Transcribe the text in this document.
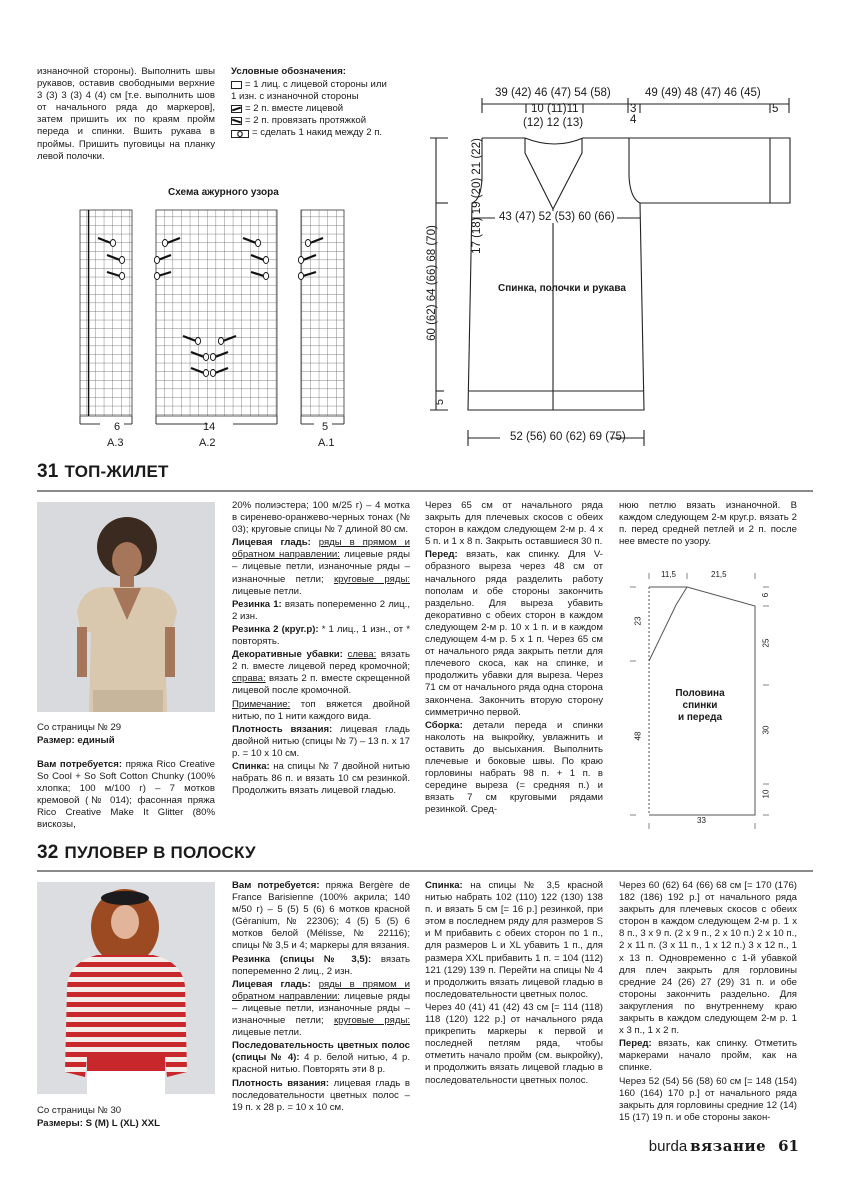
изнаночной стороны). Выполнить швы рукавов, оставив свободными верхние 3 (3) 3 (3) 4 (4) см [т.е. выполнить шов от начального ряда до маркеров], затем пришить их по краям пройм переда и спинки. Вшить рукава в проймы. Пришить пуговицы на планку левой полочки.

Условные обозначения:
= 1 лиц. с лицевой стороны или
1 изн. с изнаночной стороны
= 2 п. вместе лицевой
= 2 п. провязать протяжкой
O = сделать 1 накид между 2 п.
Схема ажурного узора
6	14	5
A.3	A.2	A.1
39 (42) 46 (47) 54 (58)	49 (49) 48 (47) 46 (45)
10 (11)11
(12) 12 (13)
3
4
5
17 (18) 19 (20) 21 (22) 43 (47) 52 (53) 60 (66)
Спинка, полочки и рукава
60 (62) 64 (66) 68 (70)
5
52 (56) 60 (62) 69 (75)
31 ТОП-ЖИЛЕТ
Со страницы № 29
Размер: единый

Вам потребуется: пряжа Rico Creative So Cool + So Soft Cotton Chunky (100% хлопка; 100 м/100 г) – 7 мотков кремовой (№ 014); фасонная пряжа Rico Creative Make It Glitter (80% вискозы,

20% полиэстера; 100 м/25 г) – 4 мотка в сиренево-оранжево-черных тонах (№ 03); круговые спицы № 7 длиной 80 см.

Лицевая гладь: ряды в прямом и обратном направлении: лицевые ряды – лицевые петли, изнаночные ряды – изнаночные петли; круговые ряды: лицевые петли.

Резинка 1: вязать попеременно 2 лиц., 2 изн.

Резинка 2 (круг.р): * 1 лиц., 1 изн., от * повторять.

Декоративные убавки: слева: вязать 2 п. вместе лицевой перед кромочной; справа: вязать 2 п. вместе скрещенной лицевой после кромочной.

Примечание: топ вяжется двойной нитью, по 1 нити каждого вида.

Плотность вязания: лицевая гладь двойной нитью (спицы № 7) – 13 п. х 17 р. = 10 х 10 см.

Спинка: на спицы № 7 двойной нитью набрать 86 п. и вязать 10 см резинкой. Продолжить вязать лицевой гладью.

Через 65 см от начального ряда закрыть для плечевых скосов с обеих сторон в каждом следующем 2-м р. 4 х 5 п. и 1 х 8 п. Закрыть оставшиеся 30 п.

Перед: вязать, как спинку. Для V-образного выреза через 48 см от начального ряда разделить работу пополам и обе стороны закончить раздельно. Для выреза убавить декоративно с обеих сторон в каждом следующем 2-м р. 10 х 1 п. и в каждом следующем 4-м р. 5 х 1 п. Через 65 см от начального ряда закрыть петли для плечевого скоса, как на спинке, и продолжить убавки для выреза. Через 71 см от начального ряда одна сторона закончена. Закончить вторую сторону симметрично первой.

Сборка: детали переда и спинки наколоть на выкройку, увлажнить и оставить до высыхания. Выполнить плечевые и боковые швы. По краю горловины набрать 98 п. + 1 п. в середине выреза (= средняя п.) и вязать 7 см круговыми рядами резинкой. Сред-

нюю петлю вязать изнаночной. В каждом следующем 2-м круг.р. вязать 2 п. перед средней петлей и 2 п. после нее вместе по узору.

11,5	21,5
23
48
6
25
30
10
33
Половина спинки
и переда
32 ПУЛОВЕР В ПОЛОСКУ
Со страницы № 30
Размеры: S (M) L (XL) XXL

Вам потребуется: пряжа Bergère de France Barisienne (100% акрила; 140 м/50 г) – 5 (5) 5 (6) 6 мотков красной (Géranium, № 22306); 4 (5) 5 (5) 6 мотков белой (Mélisse, № 22116); спицы № 3,5 и 4; маркеры для вязания.

Резинка (спицы № 3,5): вязать попеременно 2 лиц., 2 изн.

Лицевая гладь: ряды в прямом и обратном направлении: лицевые ряды – лицевые петли, изнаночные ряды – изнаночные петли; круговые ряды: лицевые петли.

Последовательность цветных полос (спицы № 4): 4 р. белой нитью, 4 р. красной нитью. Повторять эти 8 р.

Плотность вязания: лицевая гладь в последовательности цветных полос – 19 п. х 28 р. = 10 х 10 см.

Спинка: на спицы № 3,5 красной нитью набрать 102 (110) 122 (130) 138 п. и вязать 5 см [= 16 р.] резинкой, при этом в последнем ряду для размеров S и M прибавить с обеих сторон по 1 п., для размеров L и XL убавить 1 п., для размера XXL прибавить 1 п. = 104 (112) 121 (129) 139 п. Перейти на спицы № 4 и продолжить вязать лицевой гладью в последовательности цветных полос.

Через 40 (41) 41 (42) 43 см [= 114 (118) 118 (120) 122 р.] от начального ряда прикрепить маркеры к первой и последней петлям ряда, чтобы отметить начало пройм (см. выкройку), и продолжить вязать лицевой гладью в последовательности цветных полос.

Через 60 (62) 64 (66) 68 см [= 170 (176) 182 (186) 192 р.] от начального ряда закрыть для плечевых скосов с обеих сторон в каждом следующем 2-м р. 1 х 8 п., 3 х 9 п. (2 х 9 п., 2 х 10 п.) 2 х 10 п., 2 х 11 п. (3 х 11 п., 1 х 12 п.) 3 х 12 п., 1 х 13 п. Одновременно с 1-й убавкой для плеч закрыть для горловины средние 24 (26) 27 (29) 31 п. и обе стороны закончить раздельно. Для закругления по внутреннему краю закрыть в каждом следующем 2-м р. 1 х 3 п., 1 х 2 п.

Перед: вязать, как спинку. Отметить маркерами начало пройм, как на спинке.

Через 52 (54) 56 (58) 60 см [= 148 (154) 160 (164) 170 р.] от начального ряда закрыть для горловины средние 12 (14) 15 (17) 19 п. и обе стороны закон-

burda вязание 61
